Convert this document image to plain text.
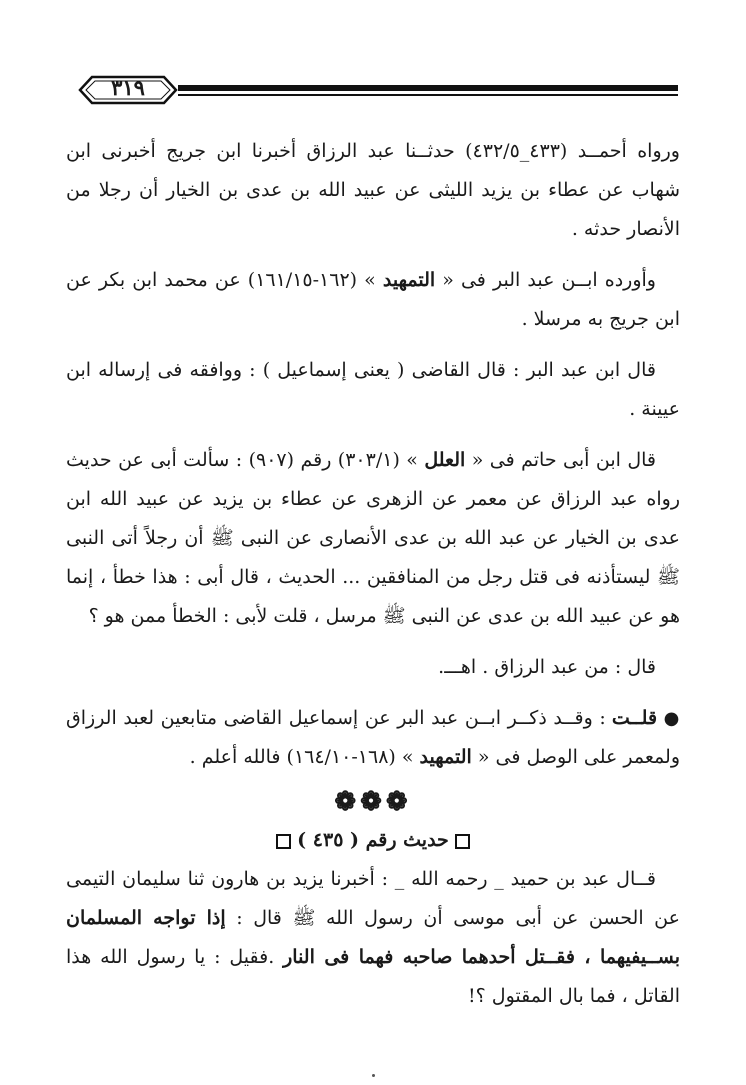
٣١٩

ورواه أحمــد (٤٣٣_٤٣٢/٥) حدثــنا عبد الرزاق أخبرنا ابن جريج أخبرنى ابن شهاب عن عطاء بن يزيد الليثى عن عبيد الله بن عدى بن الخيار أن رجلا من الأنصار حدثه .

وأورده ابــن عبد البر فى « التمهيد » (١٦٢-١٦١/١٥) عن محمد ابن بكر عن ابن جريج به مرسلا .

قال ابن عبد البر : قال القاضى ( يعنى إسماعيل ) : ووافقه فى إرساله ابن عيينة .

قال ابن أبى حاتم فى « العلل » (٣٠٣/١) رقم (٩٠٧) : سألت أبى عن حديث رواه عبد الرزاق عن معمر عن الزهرى عن عطاء بن يزيد عن عبيد الله ابن عدى بن الخيار عن عبد الله بن عدى الأنصارى عن النبى ﷺ أن رجلاً أتى النبى ﷺ ليستأذنه فى قتل رجل من المنافقين ... الحديث ، قال أبى : هذا خطأ ، إنما هو عن عبيد الله بن عدى عن النبى ﷺ مرسل ، قلت لأبى : الخطأ ممن هو ؟

قال : من عبد الرزاق . اهـــ.

● قلــت : وقــد ذكــر ابــن عبد البر عن إسماعيل القاضى متابعين لعبد الرزاق ولمعمر على الوصل فى « التمهيد » (١٦٨-١٦٤/١٠) فالله أعلم .

❁❁❁

حديث رقم ( ٤٣٥ )

قــال عبد بن حميد _ رحمه الله _ : أخبرنا يزيد بن هارون ثنا سليمان التيمى عن الحسن عن أبى موسى أن رسول الله ﷺ قال : إذا تواجه المسلمان بســيفيهما ، فقــتل أحدهما صاحبه فهما فى النار .فقيل : يا رسول الله هذا القاتل ، فما بال المقتول ؟!
